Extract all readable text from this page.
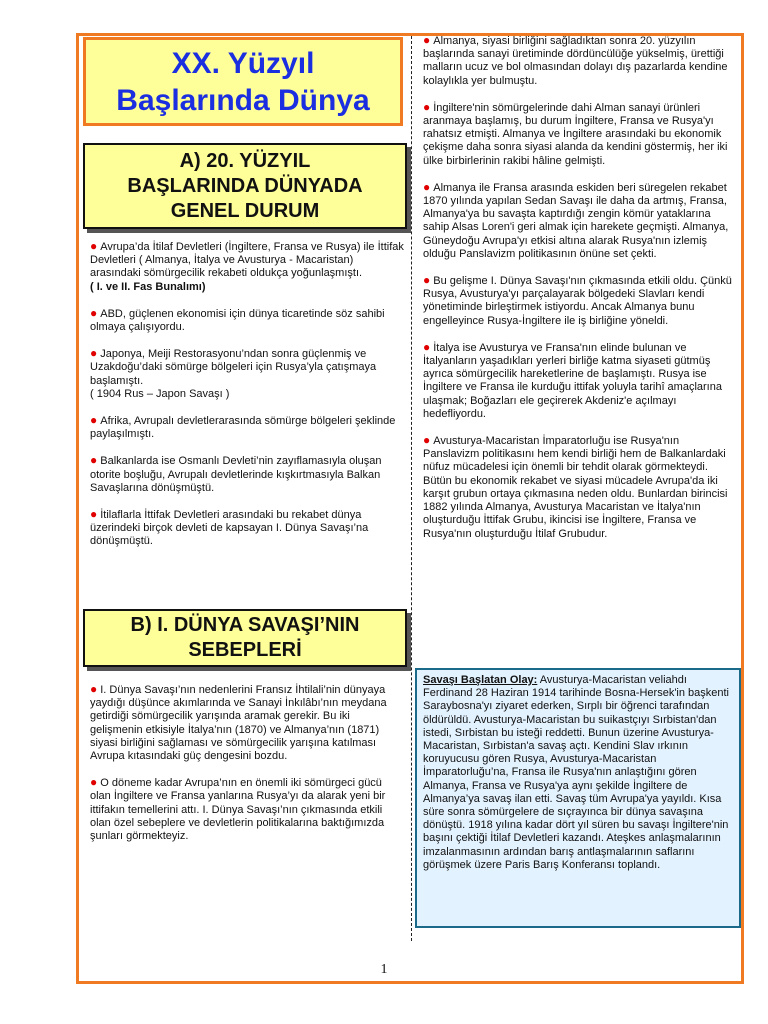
XX. Yüzyıl
Başlarında Dünya
A) 20. YÜZYIL
BAŞLARINDA DÜNYADA
GENEL DURUM

● Avrupa’da İtilaf Devletleri (İngiltere, Fransa ve Rusya) ile İttifak Devletleri ( Almanya, İtalya ve Avusturya - Macaristan) arasındaki sömürgecilik rekabeti oldukça yoğunlaşmıştı.
( I. ve II. Fas Bunalımı)

● ABD, güçlenen ekonomisi için dünya ticaretinde söz sahibi olmaya çalışıyordu.

● Japonya, Meiji Restorasyonu’ndan sonra güçlenmiş ve Uzakdoğu’daki sömürge bölgeleri için Rusya’yla çatışmaya başlamıştı.
( 1904 Rus – Japon Savaşı )

● Afrika, Avrupalı devletlerarasında sömürge bölgeleri şeklinde paylaşılmıştı.

● Balkanlarda ise Osmanlı Devleti’nin zayıflamasıyla oluşan otorite boşluğu, Avrupalı devletlerinde kışkırtmasıyla Balkan Savaşlarına dönüşmüştü.

● İtilaflarla İttifak Devletleri arasındaki bu rekabet dünya üzerindeki birçok devleti de kapsayan I. Dünya Savaşı’na dönüşmüştü.

B) I. DÜNYA SAVAŞI’NIN
SEBEPLERİ

● I. Dünya Savaşı’nın nedenlerini Fransız İhtilali’nin dünyaya yaydığı düşünce akımlarında ve Sanayi İnkılâbı’nın meydana getirdiği sömürgecilik yarışında aramak gerekir. Bu iki gelişmenin etkisiyle İtalya’nın (1870) ve Almanya’nın (1871) siyasi birliğini sağlaması ve sömürgecilik yarışına katılması Avrupa kıtasındaki güç dengesini bozdu.

● O döneme kadar Avrupa’nın en önemli iki sömürgeci gücü olan İngiltere ve Fransa yanlarına Rusya’yı da alarak yeni bir ittifakın temellerini attı. I. Dünya Savaşı’nın çıkmasında etkili olan özel sebeplere ve devletlerin politikalarına baktığımızda şunları görmekteyiz.

● Almanya, siyasi birliğini sağladıktan sonra 20. yüzyılın başlarında sanayi üretiminde dördüncülüğe yükselmiş, ürettiği malların ucuz ve bol olmasından dolayı dış pazarlarda kendine kolaylıkla yer bulmuştu.

● İngiltere'nin sömürgelerinde dahi Alman sanayi ürünleri aranmaya başlamış, bu durum İngiltere, Fransa ve Rusya'yı rahatsız etmişti. Almanya ve İngiltere arasındaki bu ekonomik çekişme daha sonra siyasi alanda da kendini göstermiş, her iki ülke birbirlerinin rakibi hâline gelmişti.

● Almanya ile Fransa arasında eskiden beri süregelen rekabet 1870 yılında yapılan Sedan Savaşı ile daha da artmış, Fransa, Almanya'ya bu savaşta kaptırdığı zengin kömür yataklarına sahip Alsas Loren'i geri almak için harekete geçmişti. Almanya, Güneydoğu Avrupa'yı etkisi altına alarak Rusya'nın izlemiş olduğu Panslavizm politikasının önüne set çekti.

● Bu gelişme I. Dünya Savaşı'nın çıkmasında etkili oldu. Çünkü Rusya, Avusturya'yı parçalayarak bölgedeki Slavları kendi yönetiminde birleştirmek istiyordu. Ancak Almanya bunu engelleyince Rusya-İngiltere ile iş birliğine yöneldi.

● İtalya ise Avusturya ve Fransa'nın elinde bulunan ve İtalyanların yaşadıkları yerleri birliğe katma siyaseti gütmüş ayrıca sömürgecilik hareketlerine de başlamıştı. Rusya ise İngiltere ve Fransa ile kurduğu ittifak yoluyla tarihî amaçlarına ulaşmak; Boğazları ele geçirerek Akdeniz'e açılmayı hedefliyordu.

● Avusturya-Macaristan İmparatorluğu ise Rusya'nın Panslavizm politikasını hem kendi birliği hem de Balkanlardaki nüfuz mücadelesi için önemli bir tehdit olarak görmekteydi. Bütün bu ekonomik rekabet ve siyasi mücadele Avrupa'da iki karşıt grubun ortaya çıkmasına neden oldu. Bunlardan birincisi 1882 yılında Almanya, Avusturya Macaristan ve İtalya'nın oluşturduğu İttifak Grubu, ikincisi ise İngiltere, Fransa ve Rusya'nın oluşturduğu İtilaf Grubudur.

Savaşı Başlatan Olay: Avusturya-Macaristan veliahdı Ferdinand 28 Haziran 1914 tarihinde Bosna-Hersek'in başkenti Saraybosna'yı ziyaret ederken, Sırplı bir öğrenci tarafından öldürüldü. Avusturya-Macaristan bu suikastçıyı Sırbistan'dan istedi, Sırbistan bu isteği reddetti. Bunun üzerine Avusturya-Macaristan, Sırbistan'a savaş açtı. Kendini Slav ırkının koruyucusu gören Rusya, Avusturya-Macaristan İmparatorluğu’na, Fransa ile Rusya'nın anlaştığını gören Almanya, Fransa ve Rusya'ya aynı şekilde İngiltere de Almanya’ya savaş ilan etti. Savaş tüm Avrupa'ya yayıldı. Kısa süre sonra sömürgelere de sıçrayınca bir dünya savaşına dönüştü. 1918 yılına kadar dört yıl süren bu savaşı İngiltere'nin başını çektiği İtilaf Devletleri kazandı. Ateşkes anlaşmalarının imzalanmasının ardından barış antlaşmalarının saflarını görüşmek üzere Paris Barış Konferansı toplandı.
1
